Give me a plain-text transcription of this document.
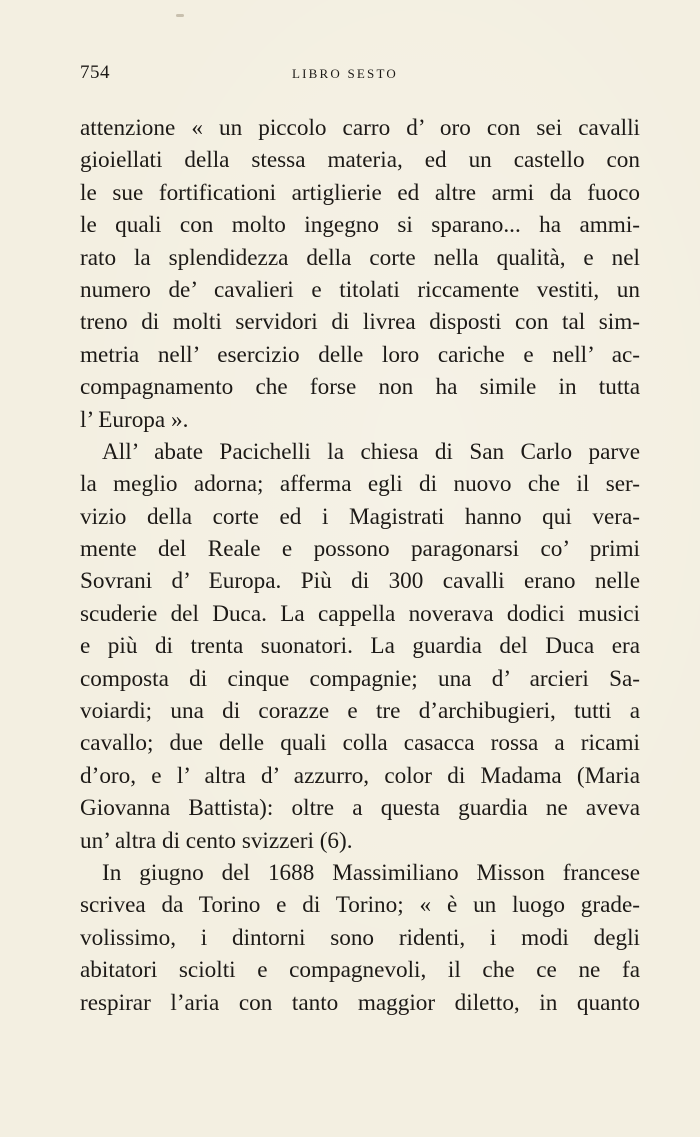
754	LIBRO SESTO
attenzione « un piccolo carro d’ oro con sei cavalli
gioiellati della stessa materia, ed un castello con
le sue fortificationi artiglierie ed altre armi da fuoco
le quali con molto ingegno si sparano... ha ammi-
rato la splendidezza della corte nella qualità, e nel
numero de’ cavalieri e titolati riccamente vestiti, un
treno di molti servidori di livrea disposti con tal sim-
metria nell’ esercizio delle loro cariche e nell’ ac-
compagnamento che forse non ha simile in tutta
l’ Europa ».
All’ abate Pacichelli la chiesa di San Carlo parve
la meglio adorna; afferma egli di nuovo che il ser-
vizio della corte ed i Magistrati hanno qui vera-
mente del Reale e possono paragonarsi co’ primi
Sovrani d’ Europa. Più di 300 cavalli erano nelle
scuderie del Duca. La cappella noverava dodici musici
e più di trenta suonatori. La guardia del Duca era
composta di cinque compagnie; una d’ arcieri Sa-
voiardi; una di corazze e tre d’archibugieri, tutti a
cavallo; due delle quali colla casacca rossa a ricami
d’oro, e l’ altra d’ azzurro, color di Madama (Maria
Giovanna Battista): oltre a questa guardia ne aveva
un’ altra di cento svizzeri (6).
In giugno del 1688 Massimiliano Misson francese
scrivea da Torino e di Torino; « è un luogo grade-
volissimo, i dintorni sono ridenti, i modi degli
abitatori sciolti e compagnevoli, il che ce ne fa
respirar l’aria con tanto maggior diletto, in quanto
